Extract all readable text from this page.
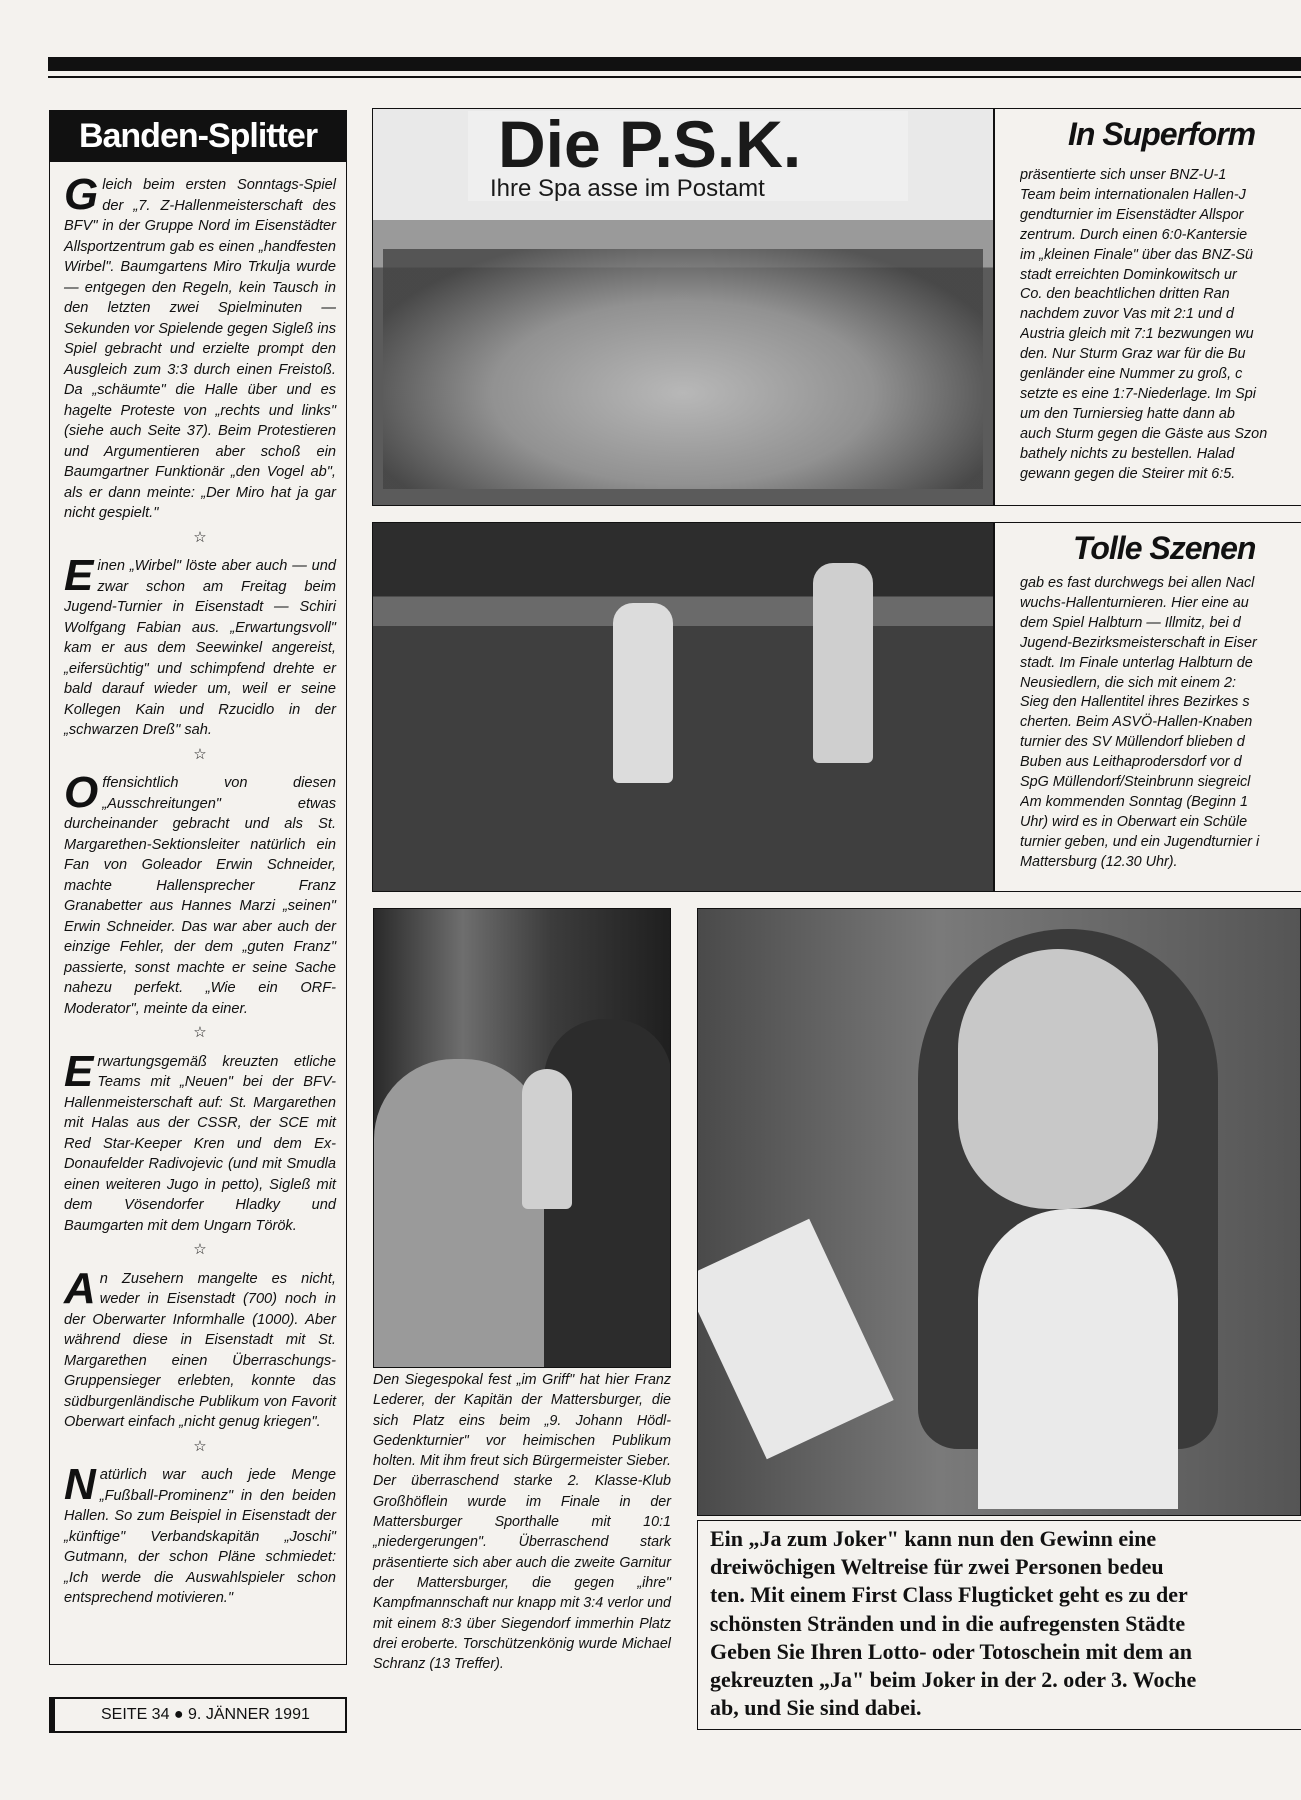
Banden-Splitter

Gleich beim ersten Sonntags-Spiel der „7. Z-Hallenmeisterschaft des BFV" in der Gruppe Nord im Eisenstädter Allsportzentrum gab es einen „handfesten Wirbel". Baumgartens Miro Trkulja wurde — entgegen den Regeln, kein Tausch in den letzten zwei Spielminuten — Sekunden vor Spielende gegen Sigleß ins Spiel gebracht und erzielte prompt den Ausgleich zum 3:3 durch einen Freistoß. Da „schäumte" die Halle über und es hagelte Proteste von „rechts und links" (siehe auch Seite 37). Beim Protestieren und Argumentieren aber schoß ein Baumgartner Funktionär „den Vogel ab", als er dann meinte: „Der Miro hat ja gar nicht gespielt."

☆

Einen „Wirbel" löste aber auch — und zwar schon am Freitag beim Jugend-Turnier in Eisenstadt — Schiri Wolfgang Fabian aus. „Erwartungsvoll" kam er aus dem Seewinkel angereist, „eifersüchtig" und schimpfend drehte er bald darauf wieder um, weil er seine Kollegen Kain und Rzucidlo in der „schwarzen Dreß" sah.

☆

Offensichtlich von diesen „Ausschreitungen" etwas durcheinander gebracht und als St. Margarethen-Sektionsleiter natürlich ein Fan von Goleador Erwin Schneider, machte Hallensprecher Franz Granabetter aus Hannes Marzi „seinen" Erwin Schneider. Das war aber auch der einzige Fehler, der dem „guten Franz" passierte, sonst machte er seine Sache nahezu perfekt. „Wie ein ORF-Moderator", meinte da einer.

☆

Erwartungsgemäß kreuzten etliche Teams mit „Neuen" bei der BFV-Hallenmeisterschaft auf: St. Margarethen mit Halas aus der CSSR, der SCE mit Red Star-Keeper Kren und dem Ex-Donaufelder Radivojevic (und mit Smudla einen weiteren Jugo in petto), Sigleß mit dem Vösendorfer Hladky und Baumgarten mit dem Ungarn Török.

☆

An Zusehern mangelte es nicht, weder in Eisenstadt (700) noch in der Oberwarter Informhalle (1000). Aber während diese in Eisenstadt mit St. Margarethen einen Überraschungs-Gruppensieger erlebten, konnte das südburgenländische Publikum von Favorit Oberwart einfach „nicht genug kriegen".

☆

Natürlich war auch jede Menge „Fußball-Prominenz" in den beiden Hallen. So zum Beispiel in Eisenstadt der „künftige" Verbandskapitän „Joschi" Gutmann, der schon Pläne schmiedet: „Ich werde die Auswahlspieler schon entsprechend motivieren."

SEITE 34 ● 9. JÄNNER 1991
Die P.S.K.
Ihre Spa asse im Postamt
In Superform
präsentierte sich unser BNZ-U-1
Team beim internationalen Hallen-J
gendturnier im Eisenstädter Allspor
zentrum. Durch einen 6:0-Kantersie
im „kleinen Finale" über das BNZ-Sü
stadt erreichten Dominkowitsch ur
Co. den beachtlichen dritten Ran
nachdem zuvor Vas mit 2:1 und d
Austria gleich mit 7:1 bezwungen wu
den. Nur Sturm Graz war für die Bu
genländer eine Nummer zu groß, c
setzte es eine 1:7-Niederlage. Im Spi
um den Turniersieg hatte dann ab
auch Sturm gegen die Gäste aus Szon
bathely nichts zu bestellen. Halad
gewann gegen die Steirer mit 6:5.
Tolle Szenen
gab es fast durchwegs bei allen Nacl
wuchs-Hallenturnieren. Hier eine au
dem Spiel Halbturn — Illmitz, bei d
Jugend-Bezirksmeisterschaft in Eiser
stadt. Im Finale unterlag Halbturn de
Neusiedlern, die sich mit einem 2:
Sieg den Hallentitel ihres Bezirkes s
cherten. Beim ASVÖ-Hallen-Knaben
turnier des SV Müllendorf blieben d
Buben aus Leithaprodersdorf vor d
SpG Müllendorf/Steinbrunn siegreicl
Am kommenden Sonntag (Beginn 1
Uhr) wird es in Oberwart ein Schüle
turnier geben, und ein Jugendturnier i
Mattersburg (12.30 Uhr).
Den Siegespokal fest „im Griff" hat hier Franz Lederer, der Kapitän der Mattersburger, die sich Platz eins beim „9. Johann Hödl-Gedenkturnier" vor heimischen Publikum holten. Mit ihm freut sich Bürgermeister Sieber. Der überraschend starke 2. Klasse-Klub Großhöflein wurde im Finale in der Mattersburger Sporthalle mit 10:1 „niedergerungen". Überraschend stark präsentierte sich aber auch die zweite Garnitur der Mattersburger, die gegen „ihre" Kampfmannschaft nur knapp mit 3:4 verlor und mit einem 8:3 über Siegendorf immerhin Platz drei eroberte. Torschützenkönig wurde Michael Schranz (13 Treffer).
Ein „Ja zum Joker" kann nun den Gewinn eine
dreiwöchigen Weltreise für zwei Personen bedeu
ten. Mit einem First Class Flugticket geht es zu der
schönsten Stränden und in die aufregensten Städte
Geben Sie Ihren Lotto- oder Totoschein mit dem an
gekreuzten „Ja" beim Joker in der 2. oder 3. Woche
ab, und Sie sind dabei.
